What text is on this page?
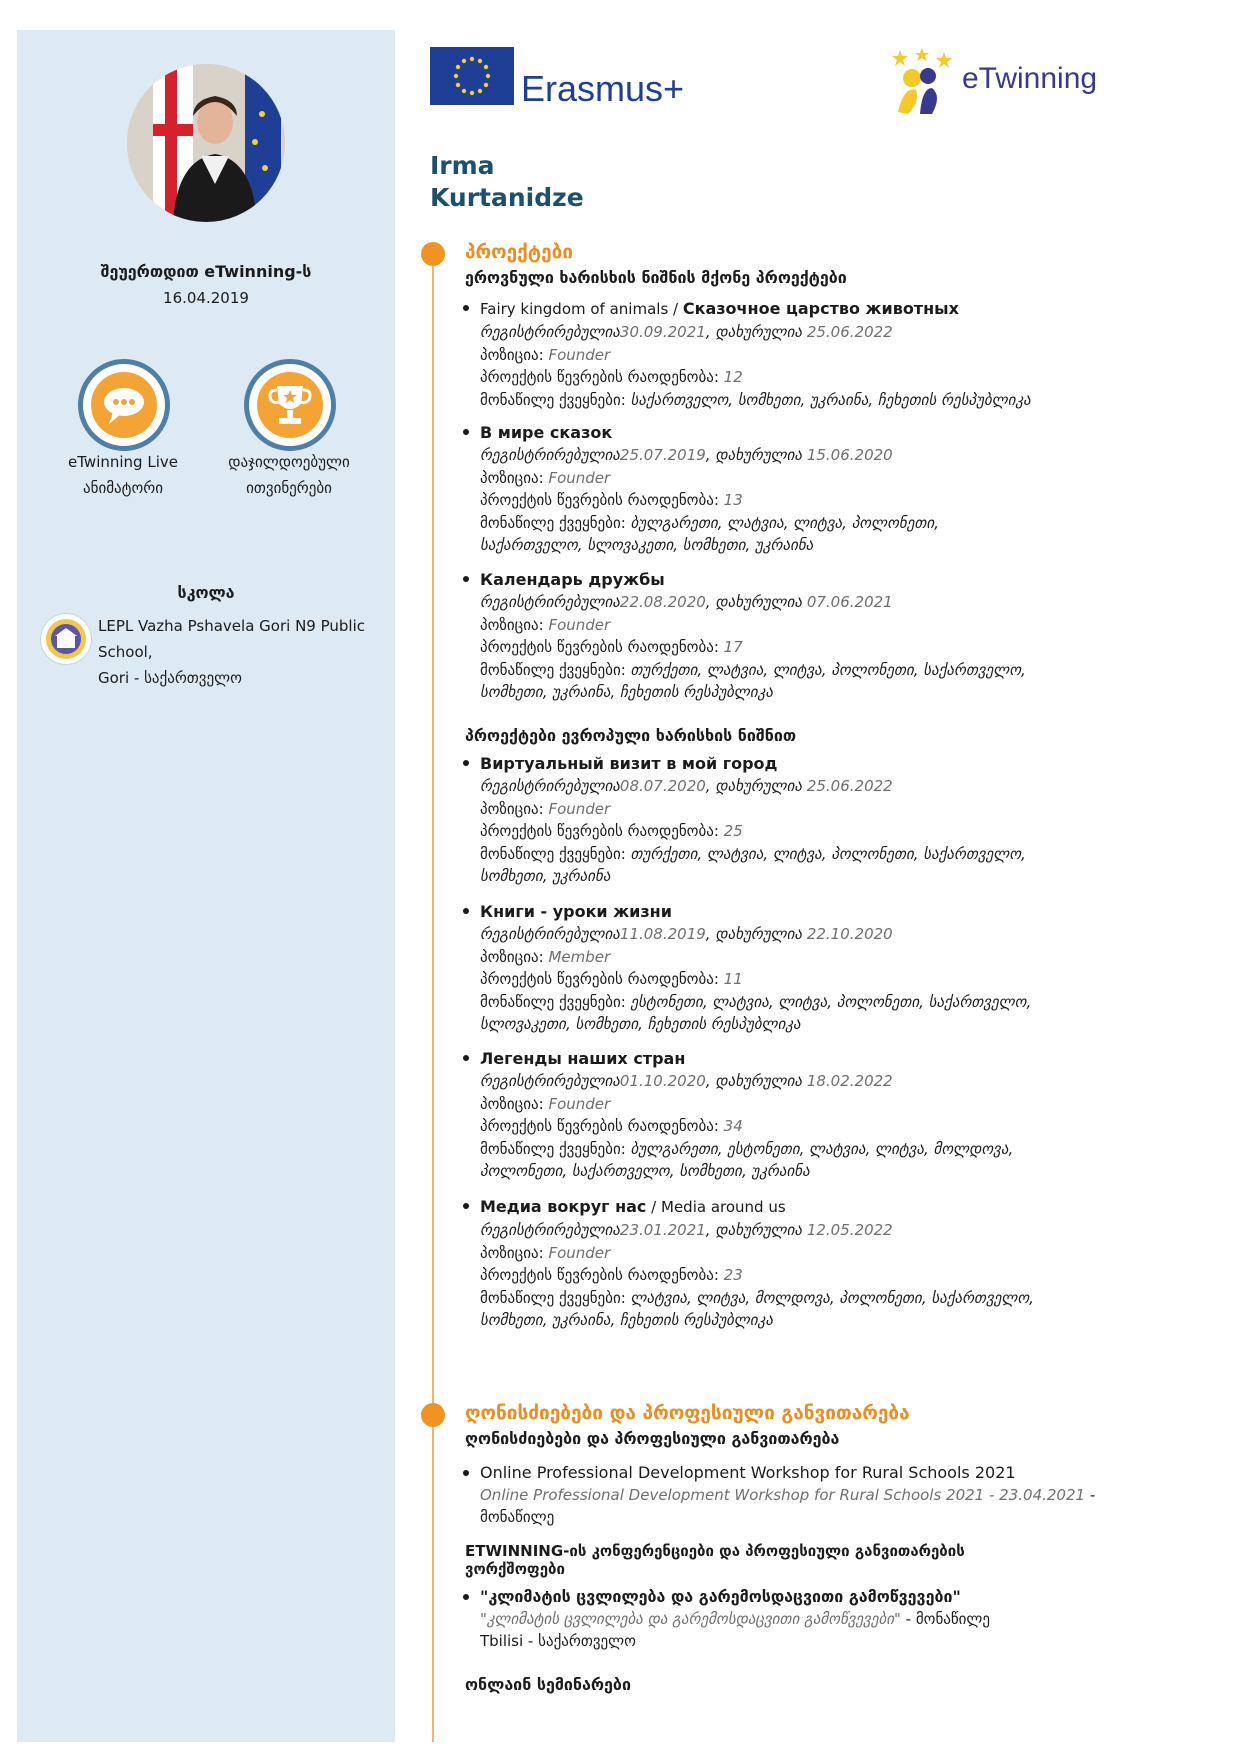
შეუერთდით eTwinning-ს
16.04.2019
eTwinning Live
ანიმატორი
დაჯილდოებული
ითვინერები
სკოლა
LEPL Vazha Pshavela Gori N9 Public
School,
Gori - საქართველო
Erasmus+	eTwinning
Irma
Kurtanidze
პროექტები
ეროვნული ხარისხის ნიშნის მქონე პროექტები
Fairy kingdom of animals / Сказочное царство животных
რეგისტრირებულია30.09.2021, დახურულია 25.06.2022
პოზიცია: Founder
პროექტის წევრების რაოდენობა: 12
მონაწილე ქვეყნები: საქართველო, სომხეთი, უკრაინა, ჩეხეთის რესპუბლიკა
В мире сказок
რეგისტრირებულია25.07.2019, დახურულია 15.06.2020
პოზიცია: Founder
პროექტის წევრების რაოდენობა: 13
მონაწილე ქვეყნები: ბულგარეთი, ლატვია, ლიტვა, პოლონეთი,
საქართველო, სლოვაკეთი, სომხეთი, უკრაინა
Календарь дружбы
რეგისტრირებულია22.08.2020, დახურულია 07.06.2021
პოზიცია: Founder
პროექტის წევრების რაოდენობა: 17
მონაწილე ქვეყნები: თურქეთი, ლატვია, ლიტვა, პოლონეთი, საქართველო,
სომხეთი, უკრაინა, ჩეხეთის რესპუბლიკა
პროექტები ევროპული ხარისხის ნიშნით
Виртуальный визит в мой город
რეგისტრირებულია08.07.2020, დახურულია 25.06.2022
პოზიცია: Founder
პროექტის წევრების რაოდენობა: 25
მონაწილე ქვეყნები: თურქეთი, ლატვია, ლიტვა, პოლონეთი, საქართველო,
სომხეთი, უკრაინა
Книги - уроки жизни
რეგისტრირებულია11.08.2019, დახურულია 22.10.2020
პოზიცია: Member
პროექტის წევრების რაოდენობა: 11
მონაწილე ქვეყნები: ესტონეთი, ლატვია, ლიტვა, პოლონეთი, საქართველო,
სლოვაკეთი, სომხეთი, ჩეხეთის რესპუბლიკა
Легенды наших стран
რეგისტრირებულია01.10.2020, დახურულია 18.02.2022
პოზიცია: Founder
პროექტის წევრების რაოდენობა: 34
მონაწილე ქვეყნები: ბულგარეთი, ესტონეთი, ლატვია, ლიტვა, მოლდოვა,
პოლონეთი, საქართველო, სომხეთი, უკრაინა
Медиа вокруг нас / Media around us
რეგისტრირებულია23.01.2021, დახურულია 12.05.2022
პოზიცია: Founder
პროექტის წევრების რაოდენობა: 23
მონაწილე ქვეყნები: ლატვია, ლიტვა, მოლდოვა, პოლონეთი, საქართველო,
სომხეთი, უკრაინა, ჩეხეთის რესპუბლიკა
ღონისძიებები და პროფესიული განვითარება
ღონისძიებები და პროფესიული განვითარება
Online Professional Development Workshop for Rural Schools 2021
Online Professional Development Workshop for Rural Schools 2021 - 23.04.2021 -
მონაწილე
ETWINNING-ის კონფერენციები და პროფესიული განვითარების
ვორქშოფები
"კლიმატის ცვლილება და გარემოსდაცვითი გამოწვევები"
"კლიმატის ცვლილება და გარემოსდაცვითი გამოწვევები" - მონაწილე
Tbilisi - საქართველო
ონლაინ სემინარები
